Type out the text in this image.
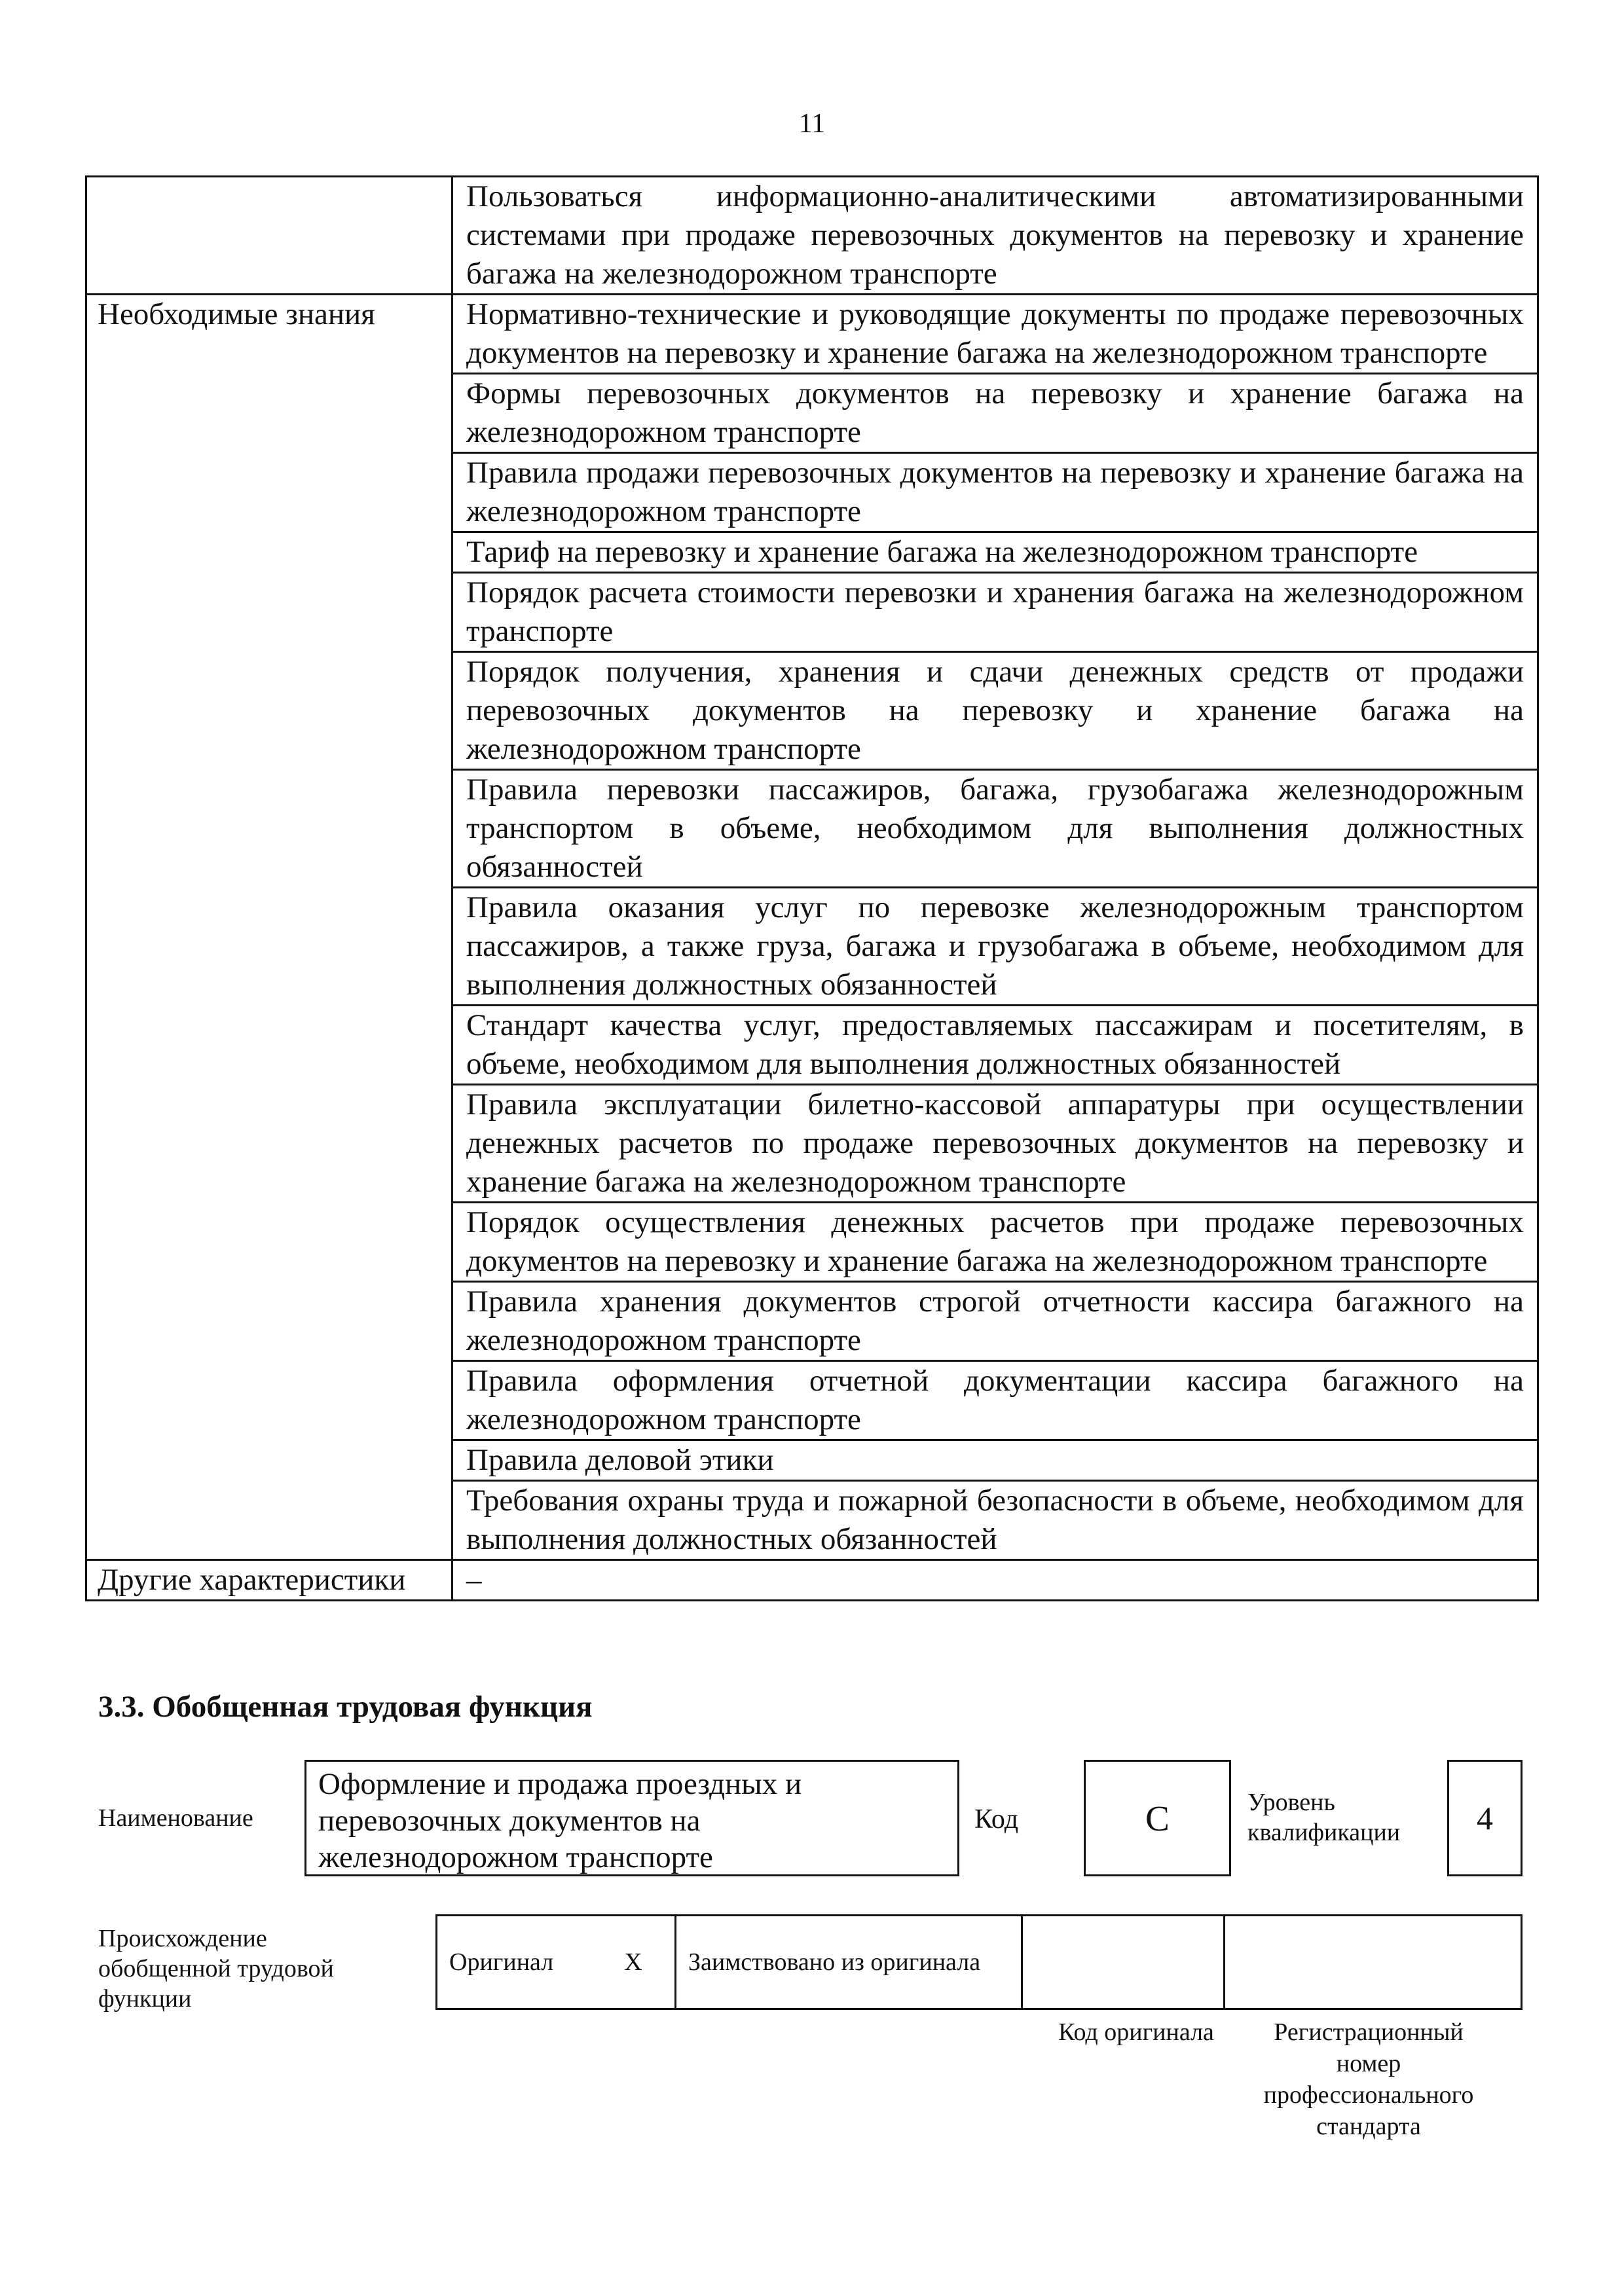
11
	Пользоваться информационно-аналитическими автоматизированными системами при продаже перевозочных документов на перевозку и хранение багажа на железнодорожном транспорте
Необходимые знания	Нормативно-технические и руководящие документы по продаже перевозочных документов на перевозку и хранение багажа на железнодорожном транспорте
	Формы перевозочных документов на перевозку и хранение багажа на железнодорожном транспорте
	Правила продажи перевозочных документов на перевозку и хранение багажа на железнодорожном транспорте
	Тариф на перевозку и хранение багажа на железнодорожном транспорте
	Порядок расчета стоимости перевозки и хранения багажа на железнодорожном транспорте
	Порядок получения, хранения и сдачи денежных средств от продажи перевозочных документов на перевозку и хранение багажа на железнодорожном транспорте
	Правила перевозки пассажиров, багажа, грузобагажа железнодорожным транспортом в объеме, необходимом для выполнения должностных обязанностей
	Правила оказания услуг по перевозке железнодорожным транспортом пассажиров, а также груза, багажа и грузобагажа в объеме, необходимом для выполнения должностных обязанностей
	Стандарт качества услуг, предоставляемых пассажирам и посетителям, в объеме, необходимом для выполнения должностных обязанностей
	Правила эксплуатации билетно-кассовой аппаратуры при осуществлении денежных расчетов по продаже перевозочных документов на перевозку и хранение багажа на железнодорожном транспорте
	Порядок осуществления денежных расчетов при продаже перевозочных документов на перевозку и хранение багажа на железнодорожном транспорте
	Правила хранения документов строгой отчетности кассира багажного на железнодорожном транспорте
	Правила оформления отчетной документации кассира багажного на железнодорожном транспорте
	Правила деловой этики
	Требования охраны труда и пожарной безопасности в объеме, необходимом для выполнения должностных обязанностей
Другие характеристики	–
3.3. Обобщенная трудовая функция
Наименование
Оформление и продажа проездных и перевозочных документов на железнодорожном транспорте
Код	C	Уровень квалификации	4
Происхождение обобщенной трудовой функции
Оригинал	X	Заимствовано из оригинала		
Код оригинала	Регистрационный номер профессионального стандарта
